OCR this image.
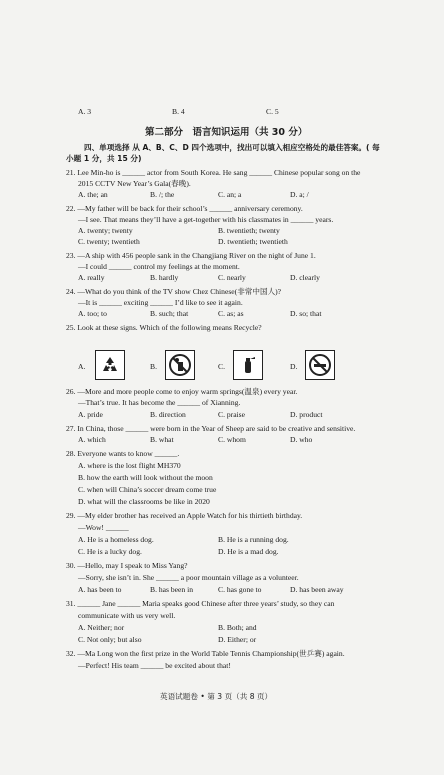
A. 3	B. 4	C. 5
第二部分　语言知识运用（共 30 分）
四、单项选择 从 A、B、C、D 四个选项中，找出可以填入相应空格处的最佳答案。( 每
小题 1 分，共 15 分)
21. Lee Min-ho is ______ actor from South Korea. He sang ______ Chinese popular song on the
2015 CCTV New Year’s Gala(春晚).
A. the; an	B. /; the	C. an; a	D. a; /
22. —My father will be back for their school’s ______ anniversary ceremony.
—I see. That means they’ll have a get-together with his classmates in ______ years.
A. twenty; twenty	B. twentieth; twenty
C. twenty; twentieth	D. twentieth; twentieth
23. —A ship with 456 people sank in the Changjiang River on the night of June 1.
—I could ______ control my feelings at the moment.
A. really	B. hardly	C. nearly	D. clearly
24. —What do you think of the TV show Chez Chinese(非常中国人)?
—It is ______ exciting ______ I’d like to see it again.
A. too; to	B. such; that	C. as; as	D. so; that
25. Look at these signs. Which of the following means Recycle?
A.	B.	C.	D.
26. —More and more people come to enjoy warm springs(温泉) every year.
—That’s true. It has become the ______ of Xianning.
A. pride	B. direction	C. praise	D. product
27. In China, those ______ were born in the Year of Sheep are said to be creative and sensitive.
A. which	B. what	C. whom	D. who
28. Everyone wants to know ______.
A. where is the lost flight MH370
B. how the earth will look without the moon
C. when will China’s soccer dream come true
D. what will the classrooms be like in 2020
29. —My elder brother has received an Apple Watch for his thirtieth birthday.
—Wow! ______
A. He is a homeless dog.	B. He is a running dog.
C. He is a lucky dog.	D. He is a mad dog.
30. —Hello, may I speak to Miss Yang?
—Sorry, she isn’t in. She ______ a poor mountain village as a volunteer.
A. has been to	B. has been in	C. has gone to	D. has been away
31. ______ Jane ______ Maria speaks good Chinese after three years’ study, so they can
communicate with us very well.
A. Neither; nor	B. Both; and
C. Not only; but also	D. Either; or
32. —Ma Long won the first prize in the World Table Tennis Championship(世乒赛) again.
—Perfect! His team ______ be excited about that!
英语试题卷 • 第 3 页（共 8 页）
